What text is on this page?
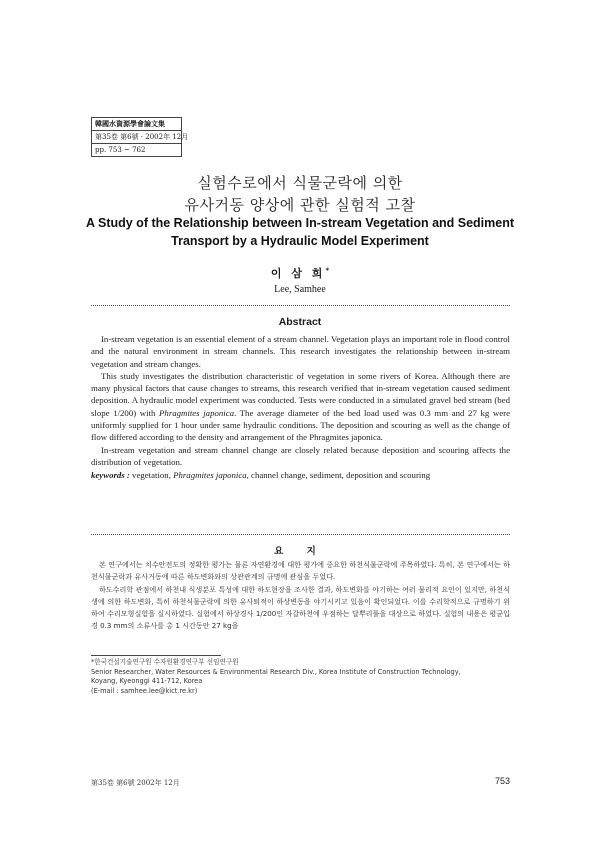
韓國水資源學會論文集
第35卷 第6號 · 2002年 12月
pp. 753 ~ 762
실험수로에서 식물군락에 의한
유사거동 양상에 관한 실험적 고찰
A Study of the Relationship between In-stream Vegetation and Sediment
Transport by a Hydraulic Model Experiment
이 삼 희*
Lee, Samhee
Abstract

In-stream vegetation is an essential element of a stream channel. Vegetation plays an important role in flood control and the natural environment in stream channels. This research investigates the relationship between in-stream vegetation and stream changes.

This study investigates the distribution characteristic of vegetation in some rivers of Korea. Although there are many physical factors that cause changes to streams, this research verified that in-stream vegetation caused sediment deposition. A hydraulic model experiment was conducted. Tests were conducted in a simulated gravel bed stream (bed slope 1/200) with Phragmites japonica. The average diameter of the bed load used was 0.3 mm and 27 kg were uniformly supplied for 1 hour under same hydraulic conditions. The deposition and scouring as well as the change of flow differed according to the density and arrangement of the Phragmites japonica.

In-stream vegetation and stream channel change are closely related because deposition and scouring affects the distribution of vegetation.

keywords : vegetation, Phragmites japonica, channel change, sediment, deposition and scouring

요 지

본 연구에서는 치수안전도의 정확한 평가는 물론 자연환경에 대한 평가에 중요한 하천식물군락에 주목하였다. 특히, 본 연구에서는 하천식물군락과 유사거동에 따른 하도변화와의 상관관계의 규명에 관심을 두었다.

하도수리학 관점에서 하천내 식생분포 특성에 대한 하도현장을 조사한 결과, 하도변화를 야기하는 여러 물리적 요인이 있지만, 하천식생에 의한 하도변화, 특히 하천식물군락에 의한 유사퇴적이 하상변동을 야기시키고 있음이 확인되었다. 이를 수리학적으로 규명하기 위하여 수리모형실험을 실시하였다. 실험에서 하상경사 1/200인 자갈하천에 우점하는 달뿌리풀을 대상으로 하였다. 실험의 내용은 평균입경 0.3 mm의 소류사를 총 1 시간동안 27 kg을

*한국건설기술연구원 수자원환경연구부 선임연구원
Senior Researcher, Water Resources & Environmental Research Div., Korea Institute of Construction Technology,
Koyang, Kyeonggi 411-712, Korea
(E-mail : samhee.lee@kict.re.kr)
第35卷 第6號 2002年 12月	753
